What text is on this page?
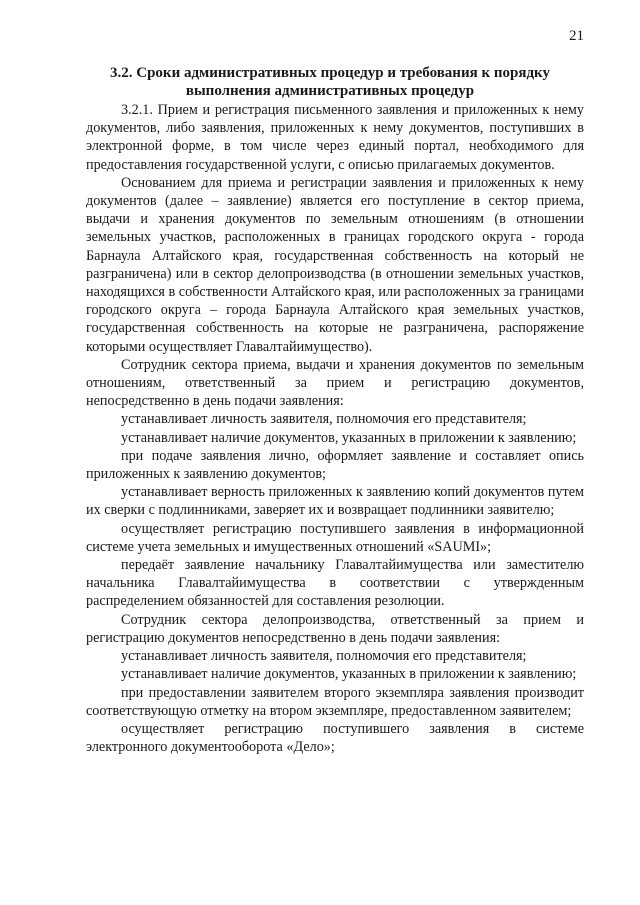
21
3.2. Сроки административных процедур и требования к порядку
выполнения административных процедур

3.2.1. Прием и регистрация письменного заявления и приложенных к нему документов, либо заявления, приложенных к нему документов, поступивших в электронной форме, в том числе через единый портал, необходимого для предоставления государственной услуги, с описью прилагаемых документов.

Основанием для приема и регистрации заявления и приложенных к нему документов (далее – заявление) является его поступление в сектор приема, выдачи и хранения документов по земельным отношениям (в отношении земельных участков, расположенных в границах городского округа - города Барнаула Алтайского края, государственная собственность на который не разграничена) или в сектор делопроизводства (в отношении земельных участков, находящихся в собственности Алтайского края, или расположенных за границами городского округа – города Барнаула Алтайского края земельных участков, государственная собственность на которые не разграничена, распоряжение которыми осуществляет Главалтайимущество).

Сотрудник сектора приема, выдачи и хранения документов по земельным отношениям, ответственный за прием и регистрацию документов, непосредственно в день подачи заявления:

устанавливает личность заявителя, полномочия его представителя;

устанавливает наличие документов, указанных в приложении к заявлению;

при подаче заявления лично, оформляет заявление и составляет опись приложенных к заявлению документов;

устанавливает верность приложенных к заявлению копий документов путем их сверки с подлинниками, заверяет их и возвращает подлинники заявителю;

осуществляет регистрацию поступившего заявления в информационной системе учета земельных и имущественных отношений «SAUMI»;

передаёт заявление начальнику Главалтайимущества или заместителю начальника Главалтайимущества в соответствии с утвержденным распределением обязанностей для составления резолюции.

Сотрудник сектора делопроизводства, ответственный за прием и регистрацию документов непосредственно в день подачи заявления:

устанавливает личность заявителя, полномочия его представителя;

устанавливает наличие документов, указанных в приложении к заявлению;

при предоставлении заявителем второго экземпляра заявления производит соответствующую отметку на втором экземпляре, предоставленном заявителем;

осуществляет регистрацию поступившего заявления в системе электронного документооборота «Дело»;
